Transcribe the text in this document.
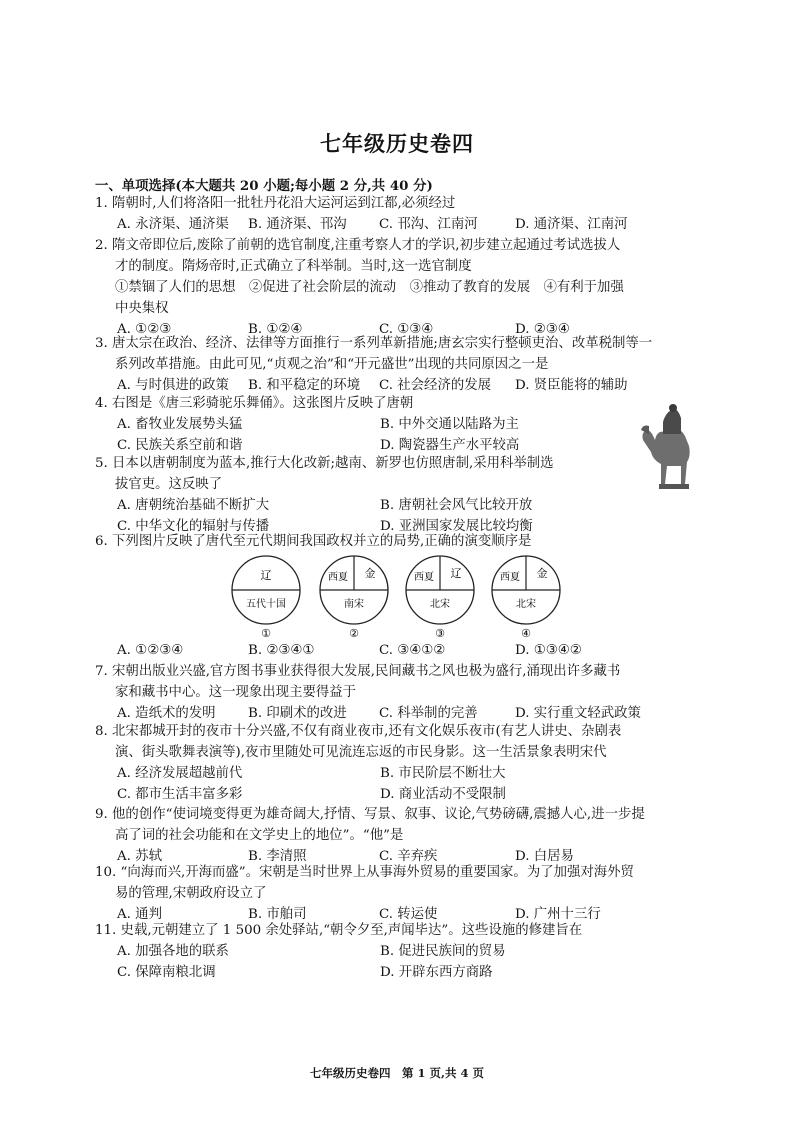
七年级历史卷四
一、单项选择(本大题共 20 小题;每小题 2 分,共 40 分)
1. 隋朝时,人们将洛阳一批牡丹花沿大运河运到江都,必须经过
A. 永济渠、通济渠	B. 通济渠、邗沟	C. 邗沟、江南河	D. 通济渠、江南河
2. 隋文帝即位后,废除了前朝的选官制度,注重考察人才的学识,初步建立起通过考试选拔人
才的制度。隋炀帝时,正式确立了科举制。当时,这一选官制度
①禁锢了人们的思想　②促进了社会阶层的流动　③推动了教育的发展　④有利于加强
中央集权
A. ①②③	B. ①②④	C. ①③④	D. ②③④
3. 唐太宗在政治、经济、法律等方面推行一系列革新措施;唐玄宗实行整顿吏治、改革税制等一
系列改革措施。由此可见,“贞观之治”和“开元盛世”出现的共同原因之一是
A. 与时俱进的政策	B. 和平稳定的环境	C. 社会经济的发展	D. 贤臣能将的辅助
4. 右图是《唐三彩骑驼乐舞俑》。这张图片反映了唐朝
A. 畜牧业发展势头猛	B. 中外交通以陆路为主
C. 民族关系空前和谐	D. 陶瓷器生产水平较高
5. 日本以唐朝制度为蓝本,推行大化改新;越南、新罗也仿照唐制,采用科举制选
拔官吏。这反映了
A. 唐朝统治基础不断扩大	B. 唐朝社会风气比较开放
C. 中华文化的辐射与传播	D. 亚洲国家发展比较均衡
6. 下列图片反映了唐代至元代期间我国政权并立的局势,正确的演变顺序是
辽
五代十国
①
西夏 金
南宋
②
西夏 辽
北宋
③
西夏 金
北宋
④
A. ①②③④	B. ②③④①	C. ③④①②	D. ①③④②
7. 宋朝出版业兴盛,官方图书事业获得很大发展,民间藏书之风也极为盛行,涌现出许多藏书
家和藏书中心。这一现象出现主要得益于
A. 造纸术的发明	B. 印刷术的改进	C. 科举制的完善	D. 实行重文轻武政策
8. 北宋都城开封的夜市十分兴盛,不仅有商业夜市,还有文化娱乐夜市(有艺人讲史、杂剧表
演、街头歌舞表演等),夜市里随处可见流连忘返的市民身影。这一生活景象表明宋代
A. 经济发展超越前代	B. 市民阶层不断壮大
C. 都市生活丰富多彩	D. 商业活动不受限制
9. 他的创作“使词境变得更为雄奇阔大,抒情、写景、叙事、议论,气势磅礴,震撼人心,进一步提
高了词的社会功能和在文学史上的地位”。“他”是
A. 苏轼	B. 李清照	C. 辛弃疾	D. 白居易
10. “向海而兴,开海而盛”。宋朝是当时世界上从事海外贸易的重要国家。为了加强对海外贸
易的管理,宋朝政府设立了
A. 通判	B. 市舶司	C. 转运使	D. 广州十三行
11. 史载,元朝建立了 1 500 余处驿站,“朝令夕至,声闻毕达”。这些设施的修建旨在
A. 加强各地的联系	B. 促进民族间的贸易
C. 保障南粮北调	D. 开辟东西方商路
七年级历史卷四　第 1 页,共 4 页
